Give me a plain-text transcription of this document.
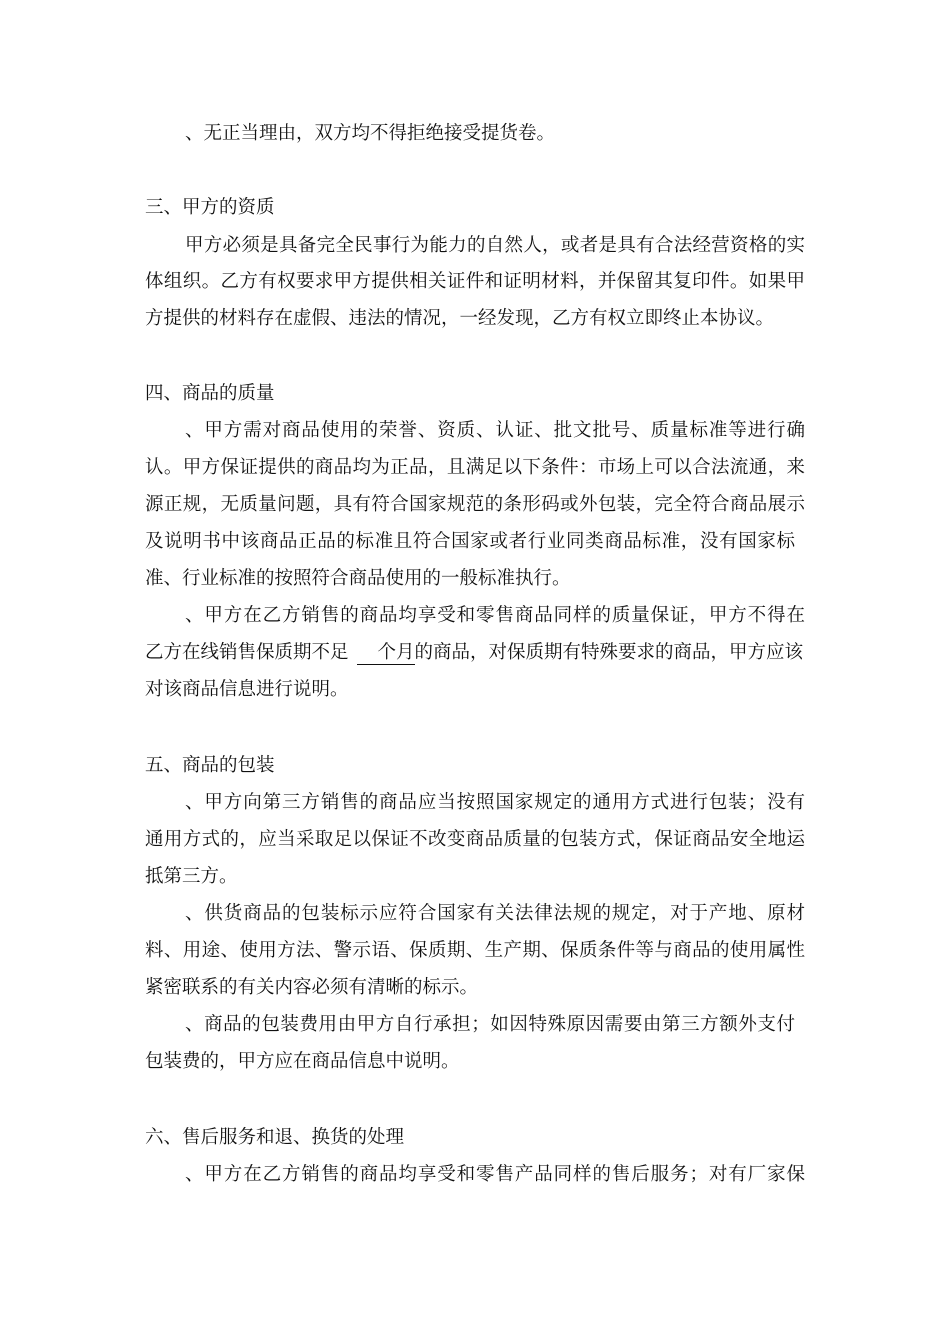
、无正当理由，双方均不得拒绝接受提货卷。
三、甲方的资质
甲方必须是具备完全民事行为能力的自然人，或者是具有合法经营资格的实
体组织。乙方有权要求甲方提供相关证件和证明材料，并保留其复印件。如果甲
方提供的材料存在虚假、违法的情况，一经发现，乙方有权立即终止本协议。
四、商品的质量
、甲方需对商品使用的荣誉、资质、认证、批文批号、质量标准等进行确
认。甲方保证提供的商品均为正品，且满足以下条件：市场上可以合法流通，来
源正规，无质量问题，具有符合国家规范的条形码或外包装，完全符合商品展示
及说明书中该商品正品的标准且符合国家或者行业同类商品标准，没有国家标
准、行业标准的按照符合商品使用的一般标准执行。
、甲方在乙方销售的商品均享受和零售商品同样的质量保证，甲方不得在
乙方在线销售保质期不足 个月的商品，对保质期有特殊要求的商品，甲方应该
对该商品信息进行说明。
五、商品的包装
、甲方向第三方销售的商品应当按照国家规定的通用方式进行包装；没有
通用方式的，应当采取足以保证不改变商品质量的包装方式，保证商品安全地运
抵第三方。
、供货商品的包装标示应符合国家有关法律法规的规定，对于产地、原材
料、用途、使用方法、警示语、保质期、生产期、保质条件等与商品的使用属性
紧密联系的有关内容必须有清晰的标示。
、商品的包装费用由甲方自行承担；如因特殊原因需要由第三方额外支付
包装费的，甲方应在商品信息中说明。
六、售后服务和退、换货的处理
、甲方在乙方销售的商品均享受和零售产品同样的售后服务；对有厂家保
